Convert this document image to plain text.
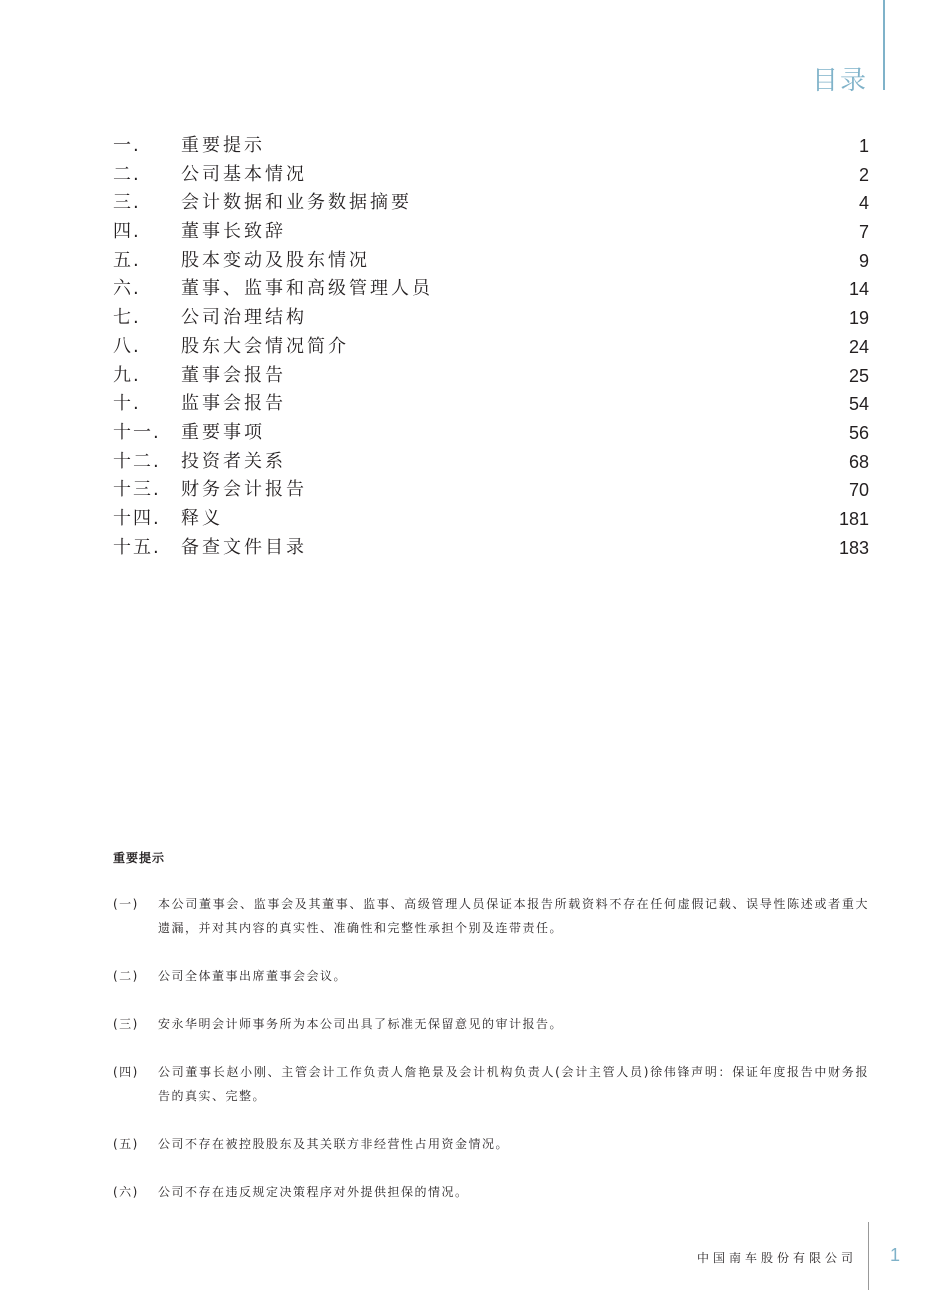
目录
一. 重要提示	1
二. 公司基本情况	2
三. 会计数据和业务数据摘要	4
四. 董事长致辞	7
五. 股本变动及股东情况	9
六. 董事、监事和高级管理人员	14
七. 公司治理结构	19
八. 股东大会情况简介	24
九. 董事会报告	25
十. 监事会报告	54
十一. 重要事项	56
十二. 投资者关系	68
十三. 财务会计报告	70
十四. 释义	181
十五. 备查文件目录	183
重要提示
(一) 本公司董事会、监事会及其董事、监事、高级管理人员保证本报告所载资料不存在任何虚假记载、误导性陈述或者重大遗漏，并对其内容的真实性、准确性和完整性承担个别及连带责任。
(二) 公司全体董事出席董事会会议。
(三) 安永华明会计师事务所为本公司出具了标准无保留意见的审计报告。
(四) 公司董事长赵小刚、主管会计工作负责人詹艳景及会计机构负责人(会计主管人员)徐伟锋声明：保证年度报告中财务报告的真实、完整。
(五) 公司不存在被控股股东及其关联方非经营性占用资金情况。
(六) 公司不存在违反规定决策程序对外提供担保的情况。
中国南车股份有限公司 1
